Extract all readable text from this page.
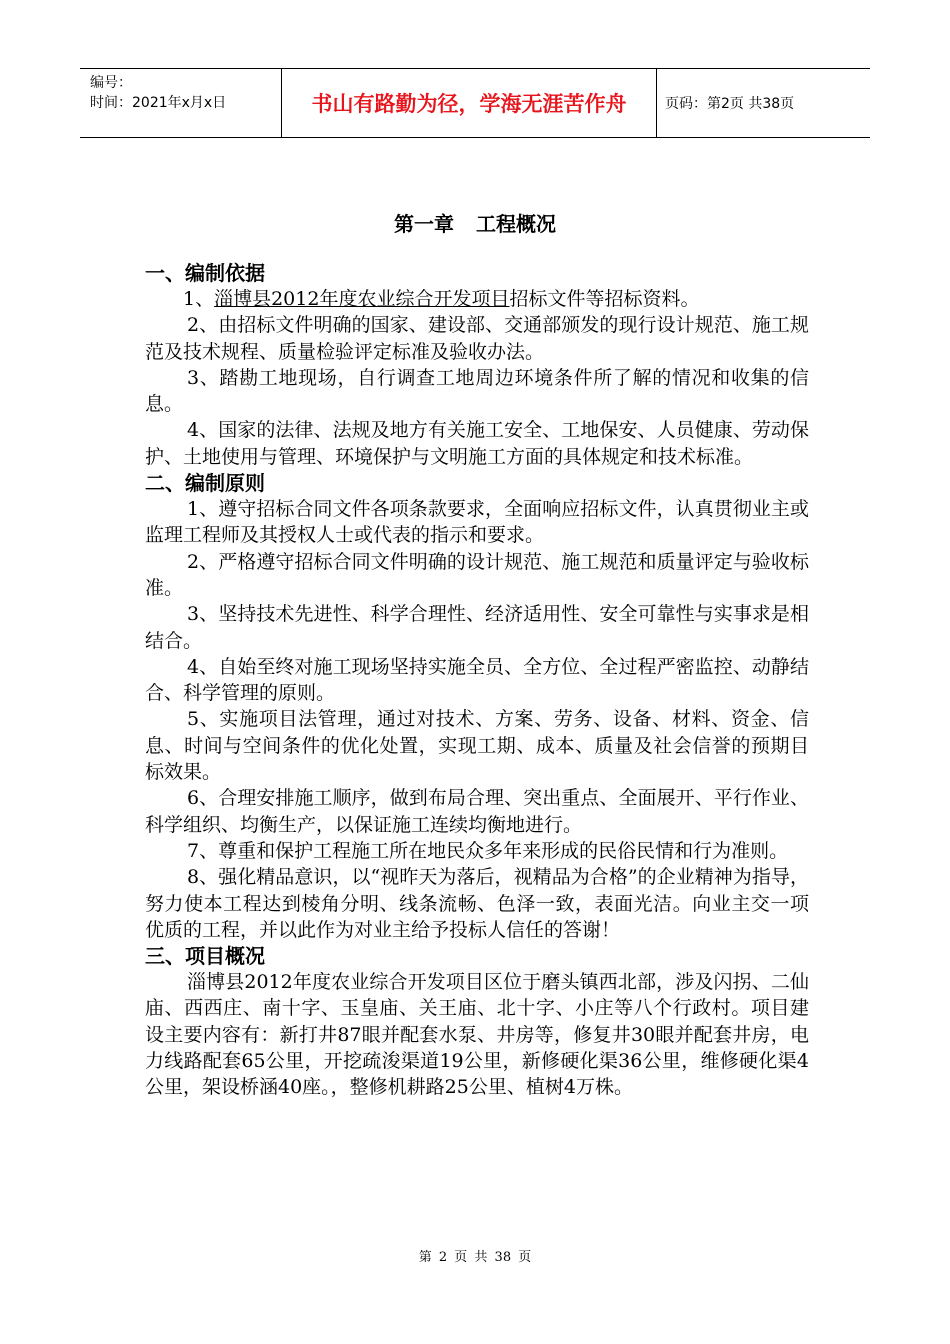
编号：
时间：2021年x月x日	书山有路勤为径，学海无涯苦作舟	页码：第2页 共38页
第一章 工程概况
一、编制依据

1、淄博县2012年度农业综合开发项目招标文件等招标资料。

2、由招标文件明确的国家、建设部、交通部颁发的现行设计规范、施工规范及技术规程、质量检验评定标准及验收办法。

3、踏勘工地现场，自行调查工地周边环境条件所了解的情况和收集的信息。

4、国家的法律、法规及地方有关施工安全、工地保安、人员健康、劳动保护、土地使用与管理、环境保护与文明施工方面的具体规定和技术标准。

二、编制原则

1、遵守招标合同文件各项条款要求，全面响应招标文件，认真贯彻业主或监理工程师及其授权人士或代表的指示和要求。

2、严格遵守招标合同文件明确的设计规范、施工规范和质量评定与验收标准。

3、坚持技术先进性、科学合理性、经济适用性、安全可靠性与实事求是相结合。

4、自始至终对施工现场坚持实施全员、全方位、全过程严密监控、动静结合、科学管理的原则。

5、实施项目法管理，通过对技术、方案、劳务、设备、材料、资金、信息、时间与空间条件的优化处置，实现工期、成本、质量及社会信誉的预期目标效果。

6、合理安排施工顺序，做到布局合理、突出重点、全面展开、平行作业、科学组织、均衡生产，以保证施工连续均衡地进行。

7、尊重和保护工程施工所在地民众多年来形成的民俗民情和行为准则。

8、强化精品意识，以“视昨天为落后，视精品为合格”的企业精神为指导，努力使本工程达到棱角分明、线条流畅、色泽一致，表面光洁。向业主交一项优质的工程，并以此作为对业主给予投标人信任的答谢！

三、项目概况

淄博县2012年度农业综合开发项目区位于磨头镇西北部，涉及闪拐、二仙庙、西西庄、南十字、玉皇庙、关王庙、北十字、小庄等八个行政村。项目建设主要内容有：新打井87眼并配套水泵、井房等，修复井30眼并配套井房，电力线路配套65公里，开挖疏浚渠道19公里，新修硬化渠36公里，维修硬化渠4公里，架设桥涵40座。，整修机耕路25公里、植树4万株。

第 2 页 共 38 页
